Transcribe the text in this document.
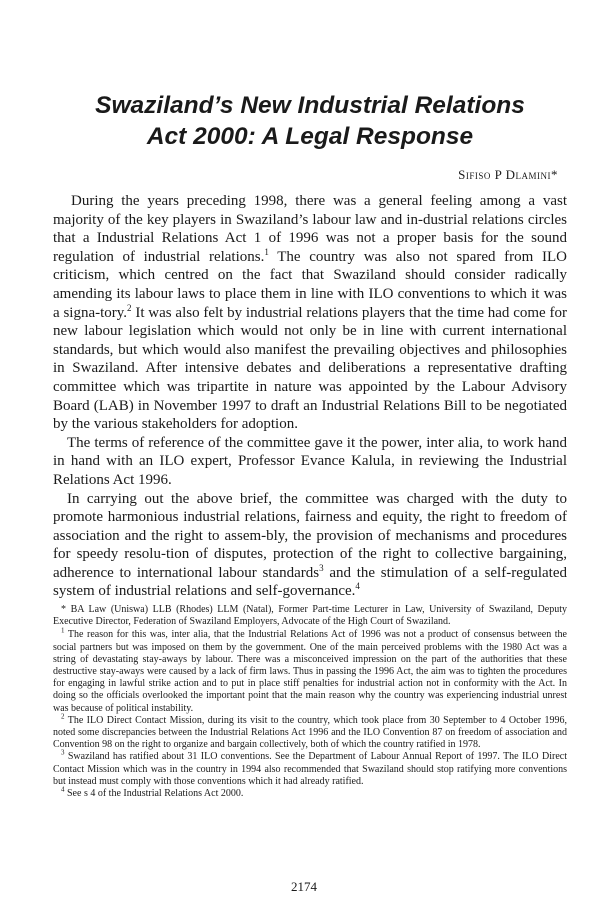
Swaziland’s New Industrial Relations
Act 2000: A Legal Response
Sifiso P Dlamini*

During the years preceding 1998, there was a general feeling among a vast majority of the key players in Swaziland’s labour law and in-dustrial relations circles that a Industrial Relations Act 1 of 1996 was not a proper basis for the sound regulation of industrial relations.$^1$ The country was also not spared from ILO criticism, which centred on the fact that Swaziland should consider radically amending its labour laws to place them in line with ILO conventions to which it was a signa-tory.$^2$ It was also felt by industrial relations players that the time had come for new labour legislation which would not only be in line with current international standards, but which would also manifest the prevailing objectives and philosophies in Swaziland. After intensive debates and deliberations a representative drafting committee which was tripartite in nature was appointed by the Labour Advisory Board (LAB) in November 1997 to draft an Industrial Relations Bill to be negotiated by the various stakeholders for adoption.

The terms of reference of the committee gave it the power, inter alia, to work hand in hand with an ILO expert, Professor Evance Kalula, in reviewing the Industrial Relations Act 1996.

In carrying out the above brief, the committee was charged with the duty to promote harmonious industrial relations, fairness and equity, the right to freedom of association and the right to assem-bly, the provision of mechanisms and procedures for speedy resolu-tion of disputes, protection of the right to collective bargaining, adherence to international labour standards$^3$ and the stimulation of a self-regulated system of industrial relations and self-governance.$^4$

* BA Law (Uniswa) LLB (Rhodes) LLM (Natal), Former Part-time Lecturer in Law, University of Swaziland, Deputy Executive Director, Federation of Swaziland Employers, Advocate of the High Court of Swaziland.

$^1$ The reason for this was, inter alia, that the Industrial Relations Act of 1996 was not a product of consensus between the social partners but was imposed on them by the government. One of the main perceived problems with the 1980 Act was a string of devastating stay-aways by labour. There was a misconceived impression on the part of the authorities that these destructive stay-aways were caused by a lack of firm laws. Thus in passing the 1996 Act, the aim was to tighten the procedures for engaging in lawful strike action and to put in place stiff penalties for industrial action not in conformity with the Act. In doing so the officials overlooked the important point that the main reason why the country was experiencing industrial unrest was because of political instability.

$^2$ The ILO Direct Contact Mission, during its visit to the country, which took place from 30 September to 4 October 1996, noted some discrepancies between the Industrial Relations Act 1996 and the ILO Convention 87 on freedom of association and Convention 98 on the right to organize and bargain collectively, both of which the country ratified in 1978.

$^3$ Swaziland has ratified about 31 ILO conventions. See the Department of Labour Annual Report of 1997. The ILO Direct Contact Mission which was in the country in 1994 also recommended that Swaziland should stop ratifying more conventions but instead must comply with those conventions which it had already ratified.

$^4$ See s 4 of the Industrial Relations Act 2000.

2174
